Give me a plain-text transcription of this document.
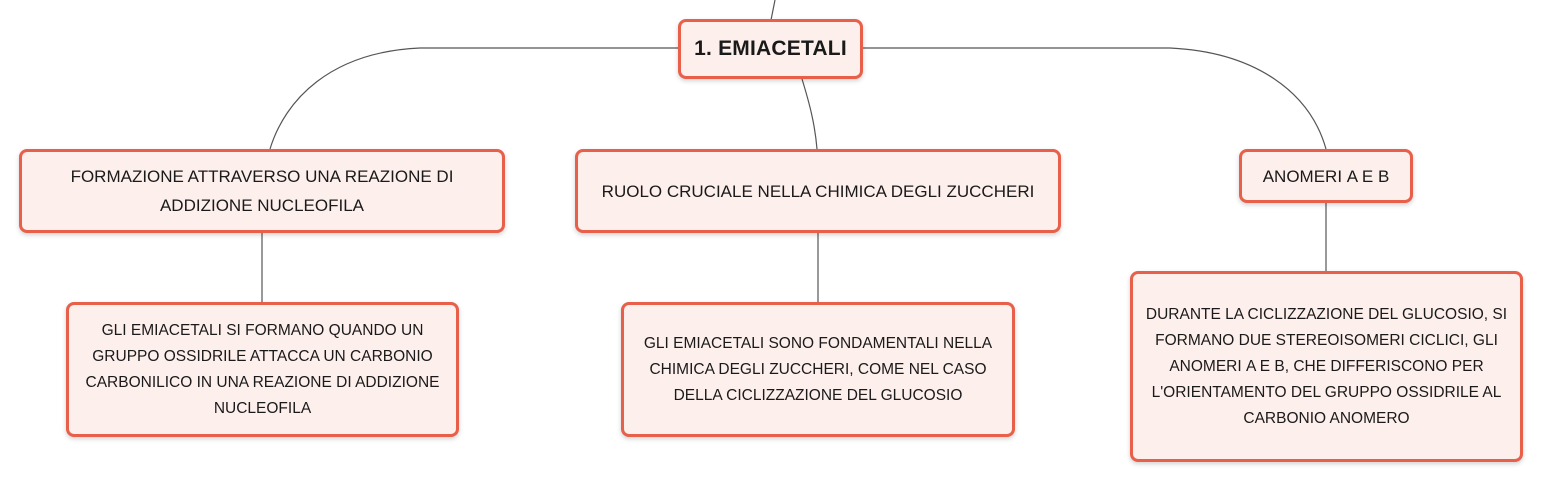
1. EMIACETALI
FORMAZIONE ATTRAVERSO UNA REAZIONE DI ADDIZIONE NUCLEOFILA
RUOLO CRUCIALE NELLA CHIMICA DEGLI ZUCCHERI
ANOMERI Α E Β
GLI EMIACETALI SI FORMANO QUANDO UN GRUPPO OSSIDRILE ATTACCA UN CARBONIO CARBONILICO IN UNA REAZIONE DI ADDIZIONE NUCLEOFILA
GLI EMIACETALI SONO FONDAMENTALI NELLA CHIMICA DEGLI ZUCCHERI, COME NEL CASO DELLA CICLIZZAZIONE DEL GLUCOSIO
DURANTE LA CICLIZZAZIONE DEL GLUCOSIO, SI FORMANO DUE STEREOISOMERI CICLICI, GLI ANOMERI Α E Β, CHE DIFFERISCONO PER L'ORIENTAMENTO DEL GRUPPO OSSIDRILE AL CARBONIO ANOMERO
